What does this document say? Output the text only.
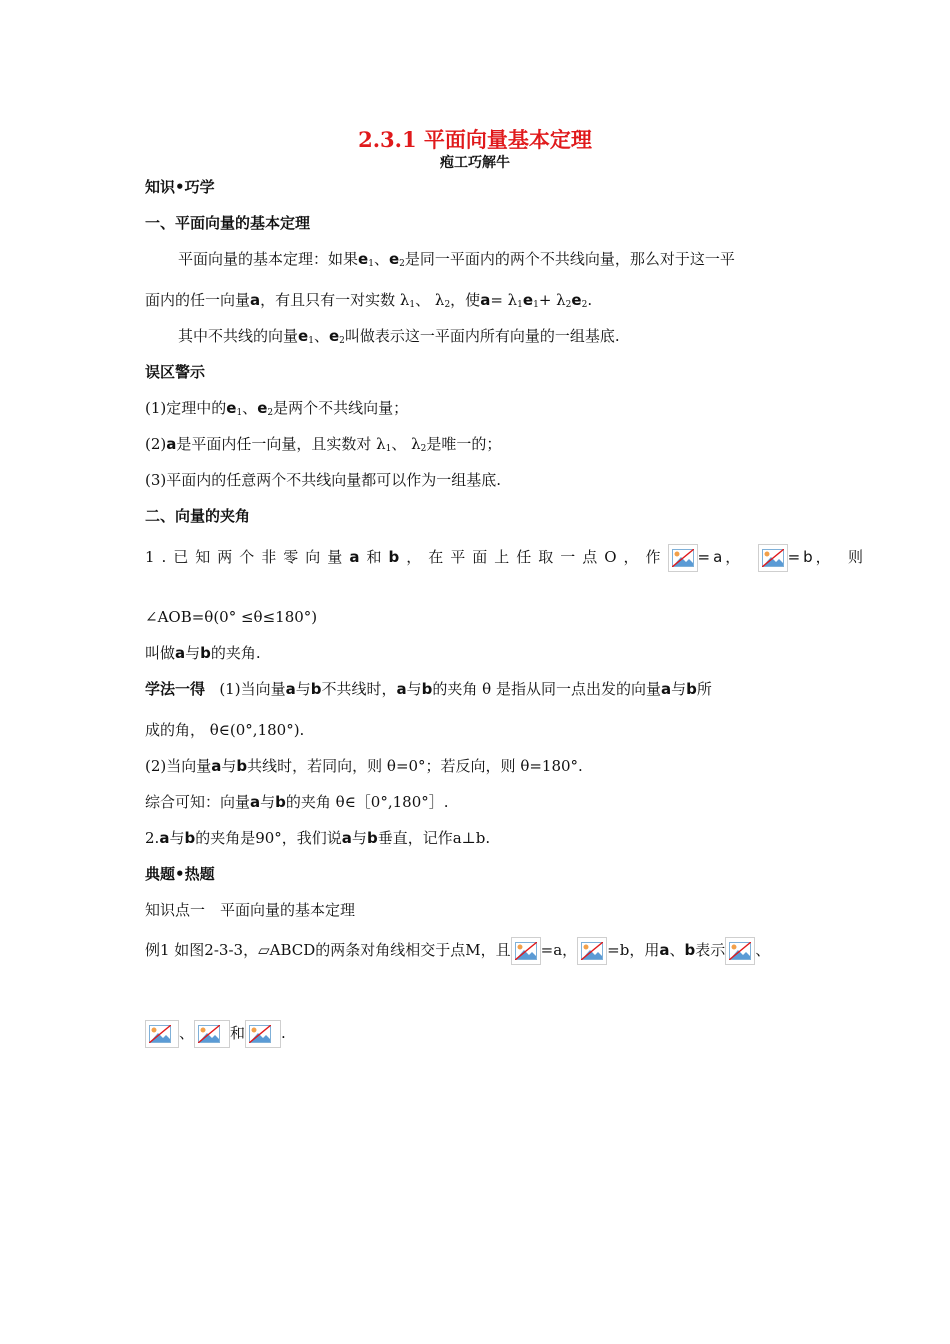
2.3.1 平面向量基本定理
疱工巧解牛
知识•巧学
一、平面向量的基本定理
平面向量的基本定理：如果$e_1$、$e_2$是同一平面内的两个不共线向量，那么对于这一平
面内的任一向量a，有且只有一对实数 $\lambda_1$、 $\lambda_2$，使$a= \lambda_1e_1+ \lambda_2e_2$.
其中不共线的向量$e_1$、$e_2$叫做表示这一平面内所有向量的一组基底.
误区警示
(1)定理中的$e_1$、$e_2$是两个不共线向量；
(2)a是平面内任一向量，且实数对 $\lambda_1$、 $\lambda_2$是唯一的；
(3)平面内的任意两个不共线向量都可以作为一组基底.
二、向量的夹角
1.已知两个非零向量a和b，在平面上任取一点O，作 =a，	=b， 则
∠AOB=θ(0° ≤θ≤180°)
叫做a与b的夹角.
学法一得 (1)当向量a与b不共线时，a与b的夹角 θ 是指从同一点出发的向量a与b所
成的角， θ∈(0°,180°).
(2)当向量a与b共线时，若同向，则 θ=0°；若反向，则 θ=180°.
综合可知：向量a与b的夹角 θ∈［0°,180°］.
2.a与b的夹角是90°，我们说a与b垂直，记作a⊥b.
典题•热题
知识点一　平面向量的基本定理
例1 如图2-3-3，▱ABCD的两条对角线相交于点M，且 =a， =b，用a、b表示 、
、 和 .
